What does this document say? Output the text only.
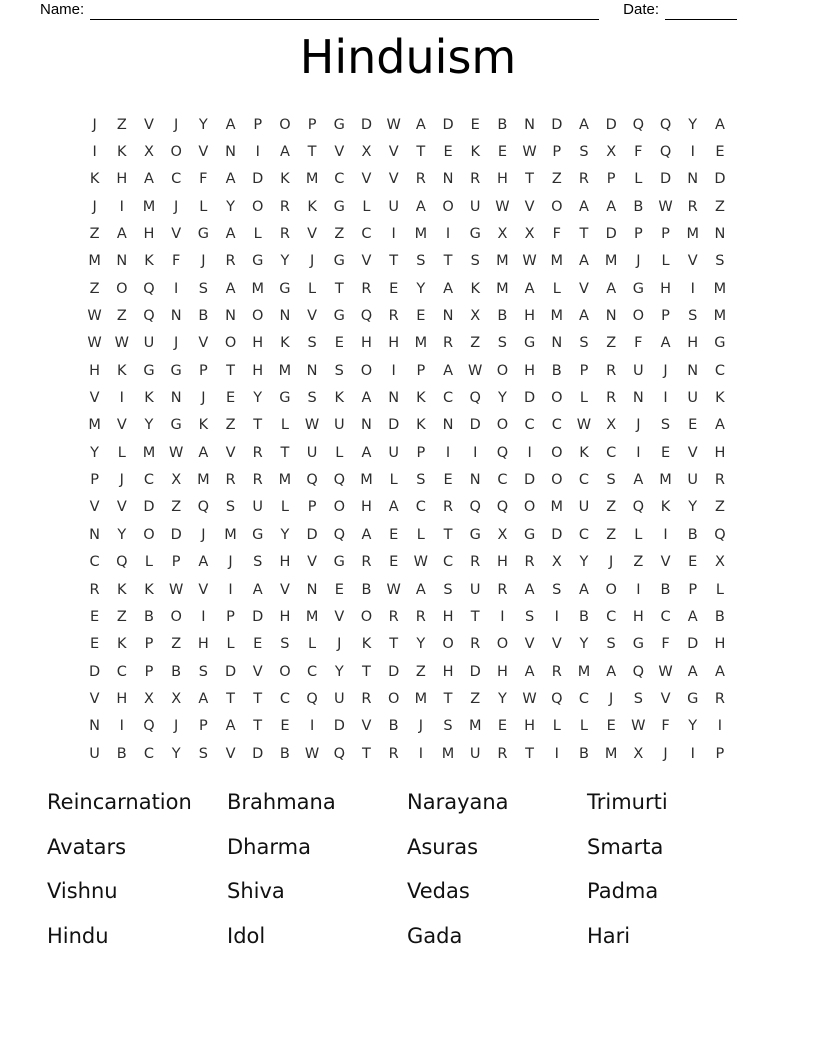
Name:	Date:
Hinduism
J	Z	V	J	Y	A	P	O	P	G	D W	A	D	E	B	N	D	A	D	Q	Q	Y	A
I	K	X	O	V	N	I	A	T	V	X	V	T	E	K	E	W	P	S	X	F	Q	I	E
K	H	A	C	F	A	D	K	M	C	V	V	R	N	R	H	T	Z	R	P	L	D	N	D
J	I	M	J	L	Y	O	R	K	G	L	U	A	O	U	W	V	O	A	A	B	W	R	Z
Z	A	H	V	G	A	L	R	V	Z	C	I	M	I	G	X	X	F	T	D	P	P	M	N
M	N	K	F	J	R	G	Y	J	G	V	T	S	T	S	M W M	A	M	J	L	V	S
Z	O	Q	I	S	A	M	G	L	T	R	E	Y	A	K	M	A	L	V	A	G	H	I	M
W	Z	Q	N	B	N	O	N	V	G	Q	R	E	N	X	B	H	M	A	N	O	P	S	M
W W	U	J	V	O	H	K	S	E	H	H	M	R	Z	S	G	N	S	Z	F	A	H	G
H	K	G	G	P	T	H	M	N	S	O	I	P	A	W O	H	B	P	R	U	J	N	C
V	I	K	N	J	E	Y	G	S	K	A	N	K	C	Q	Y	D	O	L	R	N	I	U	K
M	V	Y	G	K	Z	T	L	W	U	N	D	K	N	D	O	C	C	W	X	J	S	E	A
Y	L	M W	A	V	R	T	U	L	A	U	P	I	I	Q	I	O	K	C	I	E	V	H
P	J	C	X	M	R	R	M	Q	Q	M	L	S	E	N	C	D	O	C	S	A	M	U	R
V	V	D	Z	Q	S	U	L	P	O	H	A	C	R	Q	Q	O	M	U	Z	Q	K	Y	Z
N	Y	O	D	J	M	G	Y	D	Q	A	E	L	T	G	X	G	D	C	Z	L	I	B	Q
C	Q	L	P	A	J	S	H	V	G	R	E	W	C	R	H	R	X	Y	J	Z	V	E	X
R	K	K	W	V	I	A	V	N	E	B	W	A	S	U	R	A	S	A	O	I	B	P	L
E	Z	B	O	I	P	D	H	M	V	O	R	R	H	T	I	S	I	B	C	H	C	A	B
E	K	P	Z	H	L	E	S	L	J	K	T	Y	O	R	O	V	V	Y	S	G	F	D	H
D	C	P	B	S	D	V	O	C	Y	T	D	Z	H	D	H	A	R	M	A	Q W	A	A
V	H	X	X	A	T	T	C	Q	U	R	O	M	T	Z	Y	W Q	C	J	S	V	G	R
N	I	Q	J	P	A	T	E	I	D	V	B	J	S	M	E	H	L	L	E	W	F	Y	I
U	B	C	Y	S	V	D	B	W Q	T	R	I	M	U	R	T	I	B	M	X	J	I	P
Reincarnation	Brahmana	Narayana	Trimurti
Avatars	Dharma	Asuras	Smarta
Vishnu	Shiva	Vedas	Padma
Hindu	Idol	Gada	Hari
